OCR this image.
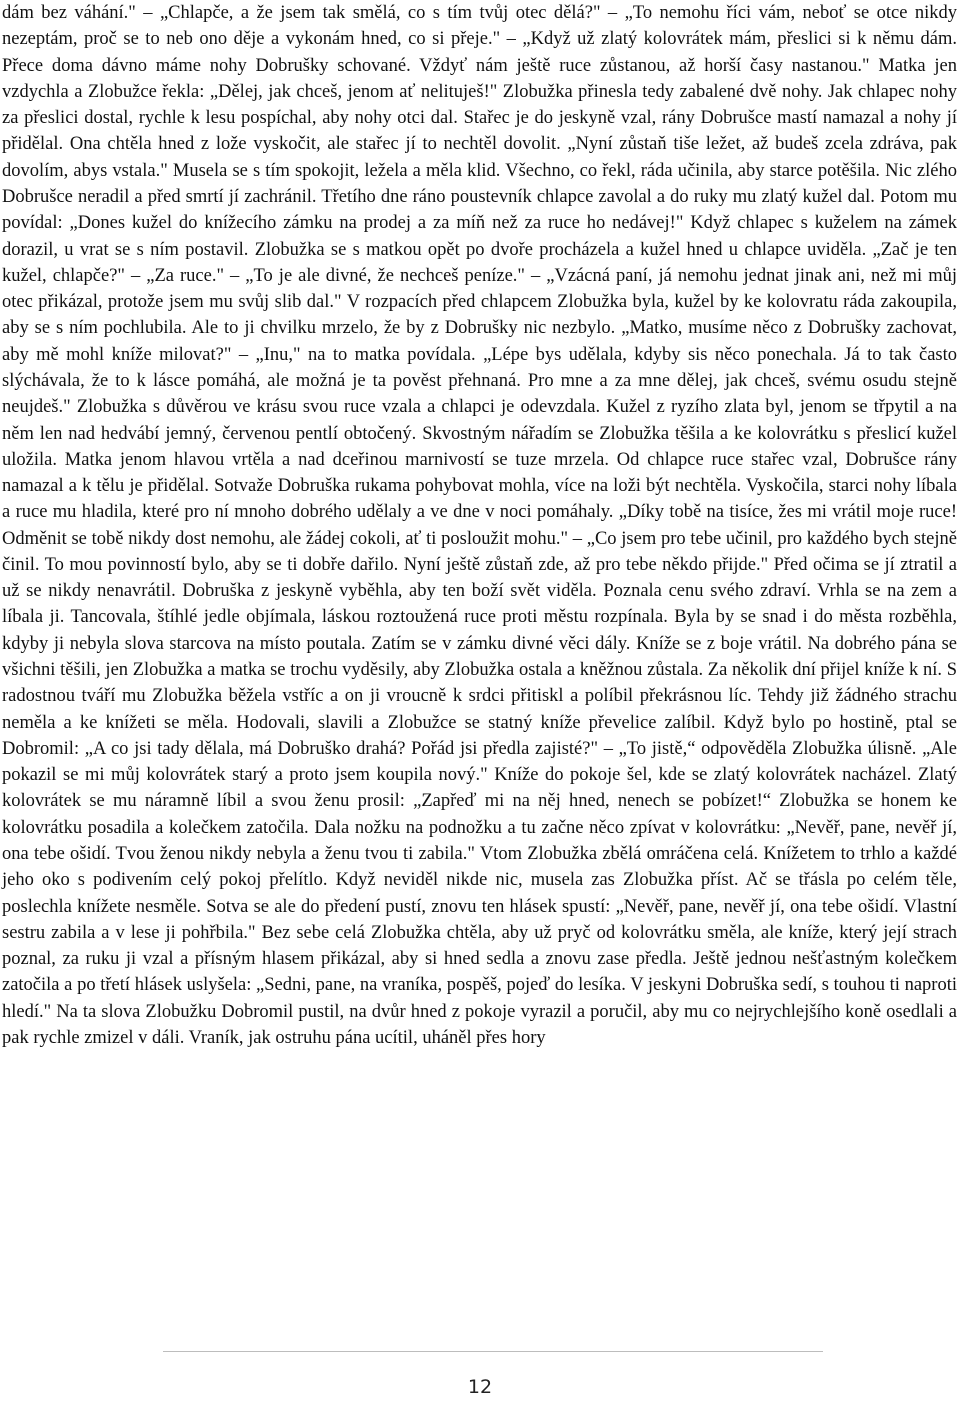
dám bez váhání." – „Chlapče, a že jsem tak smělá, co s tím tvůj otec dělá?" – „To nemohu říci vám, neboť se otce nikdy nezeptám, proč se to neb ono děje a vykonám hned, co si přeje." – „Když už zlatý kolovrátek mám, přeslici si k němu dám. Přece doma dávno máme nohy Dobrušky schované. Vždyť nám ještě ruce zůstanou, až horší časy nastanou." Matka jen vzdychla a Zlobužce řekla: „Dělej, jak chceš, jenom ať nelituješ!" Zlobužka přinesla tedy zabalené dvě nohy. Jak chlapec nohy za přeslici dostal, rychle k lesu pospíchal, aby nohy otci dal. Stařec je do jeskyně vzal, rány Dobrušce mastí namazal a nohy jí přidělal. Ona chtěla hned z lože vyskočit, ale stařec jí to nechtěl dovolit. „Nyní zůstaň tiše ležet, až budeš zcela zdráva, pak dovolím, abys vstala." Musela se s tím spokojit, ležela a měla klid. Všechno, co řekl, ráda učinila, aby starce potěšila. Nic zlého Dobrušce neradil a před smrtí jí zachránil. Třetího dne ráno poustevník chlapce zavolal a do ruky mu zlatý kužel dal. Potom mu povídal: „Dones kužel do knížecího zámku na prodej a za míň než za ruce ho nedávej!" Když chlapec s kuželem na zámek dorazil, u vrat se s ním postavil. Zlobužka se s matkou opět po dvoře procházela a kužel hned u chlapce uviděla. „Zač je ten kužel, chlapče?" – „Za ruce." – „To je ale divné, že nechceš peníze." – „Vzácná paní, já nemohu jednat jinak ani, než mi můj otec přikázal, protože jsem mu svůj slib dal." V rozpacích před chlapcem Zlobužka byla, kužel by ke kolovratu ráda zakoupila, aby se s ním pochlubila. Ale to ji chvilku mrzelo, že by z Dobrušky nic nezbylo. „Matko, musíme něco z Dobrušky zachovat, aby mě mohl kníže milovat?" – „Inu," na to matka povídala. „Lépe bys udělala, kdyby sis něco ponechala. Já to tak často slýchávala, že to k lásce pomáhá, ale možná je ta pověst přehnaná. Pro mne a za mne dělej, jak chceš, svému osudu stejně neujdeš." Zlobužka s důvěrou ve krásu svou ruce vzala a chlapci je odevzdala. Kužel z ryzího zlata byl, jenom se třpytil a na něm len nad hedvábí jemný, červenou pentlí obtočený. Skvostným nářadím se Zlobužka těšila a ke kolovrátku s přeslicí kužel uložila. Matka jenom hlavou vrtěla a nad dceřinou marnivostí se tuze mrzela. Od chlapce ruce stařec vzal, Dobrušce rány namazal a k tělu je přidělal. Sotvaže Dobruška rukama pohybovat mohla, více na loži být nechtěla. Vyskočila, starci nohy líbala a ruce mu hladila, které pro ní mnoho dobrého udělaly a ve dne v noci pomáhaly. „Díky tobě na tisíce, žes mi vrátil moje ruce! Odměnit se tobě nikdy dost nemohu, ale žádej cokoli, ať ti posloužit mohu." – „Co jsem pro tebe učinil, pro každého bych stejně činil. To mou povinností bylo, aby se ti dobře dařilo. Nyní ještě zůstaň zde, až pro tebe někdo přijde." Před očima se jí ztratil a už se nikdy nenavrátil. Dobruška z jeskyně vyběhla, aby ten boží svět viděla. Poznala cenu svého zdraví. Vrhla se na zem a líbala ji. Tancovala, štíhlé jedle objímala, láskou roztoužená ruce proti městu rozpínala. Byla by se snad i do města rozběhla, kdyby ji nebyla slova starcova na místo poutala. Zatím se v zámku divné věci dály. Kníže se z boje vrátil. Na dobrého pána se všichni těšili, jen Zlobužka a matka se trochu vyděsily, aby Zlobužka ostala a kněžnou zůstala. Za několik dní přijel kníže k ní. S radostnou tváří mu Zlobužka běžela vstříc a on ji vroucně k srdci přitiskl a políbil překrásnou líc. Tehdy již žádného strachu neměla a ke knížeti se měla. Hodovali, slavili a Zlobužce se statný kníže převelice zalíbil. Když bylo po hostině, ptal se Dobromil: „A co jsi tady dělala, má Dobruško drahá? Pořád jsi předla zajisté?" – „To jistě,“ odpověděla Zlobužka úlisně. „Ale pokazil se mi můj kolovrátek starý a proto jsem koupila nový." Kníže do pokoje šel, kde se zlatý kolovrátek nacházel. Zlatý kolovrátek se mu náramně líbil a svou ženu prosil: „Zapřeď mi na něj hned, nenech se pobízet!“ Zlobužka se honem ke kolovrátku posadila a kolečkem zatočila. Dala nožku na podnožku a tu začne něco zpívat v kolovrátku: „Nevěř, pane, nevěř jí, ona tebe ošidí. Tvou ženou nikdy nebyla a ženu tvou ti zabila." Vtom Zlobužka zbělá omráčena celá. Knížetem to trhlo a každé jeho oko s podivením celý pokoj přelítlo. Když neviděl nikde nic, musela zas Zlobužka příst. Ač se třásla po celém těle, poslechla knížete nesměle. Sotva se ale do předení pustí, znovu ten hlásek spustí: „Nevěř, pane, nevěř jí, ona tebe ošidí. Vlastní sestru zabila a v lese ji pohřbila." Bez sebe celá Zlobužka chtěla, aby už pryč od kolovrátku směla, ale kníže, který její strach poznal, za ruku ji vzal a přísným hlasem přikázal, aby si hned sedla a znovu zase předla. Ještě jednou nešťastným kolečkem zatočila a po třetí hlásek uslyšela: „Sedni, pane, na vraníka, pospěš, pojeď do lesíka. V jeskyni Dobruška sedí, s touhou ti naproti hledí." Na ta slova Zlobužku Dobromil pustil, na dvůr hned z pokoje vyrazil a poručil, aby mu co nejrychlejšího koně osedlali a pak rychle zmizel v dáli. Vraník, jak ostruhu pána ucítil, uháněl přes hory

12
